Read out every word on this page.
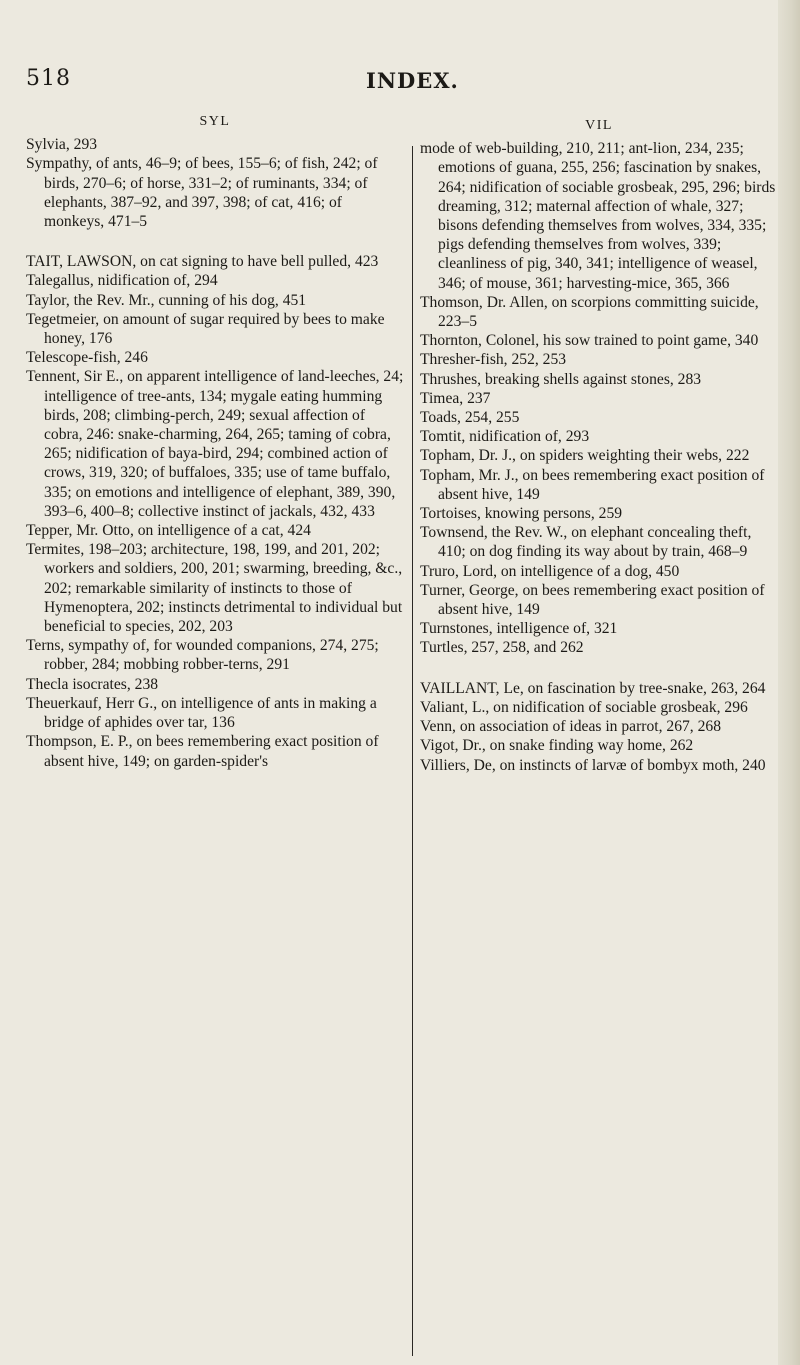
518	INDEX.
SYL

Sylvia, 293

Sympathy, of ants, 46–9; of bees, 155–6; of fish, 242; of birds, 270–6; of horse, 331–2; of ruminants, 334; of elephants, 387–92, and 397, 398; of cat, 416; of monkeys, 471–5

TAIT, LAWSON, on cat signing to have bell pulled, 423

Talegallus, nidification of, 294

Taylor, the Rev. Mr., cunning of his dog, 451

Tegetmeier, on amount of sugar required by bees to make honey, 176

Telescope-fish, 246

Tennent, Sir E., on apparent intelligence of land-leeches, 24; intelligence of tree-ants, 134; mygale eating humming birds, 208; climbing-perch, 249; sexual affection of cobra, 246: snake-charming, 264, 265; taming of cobra, 265; nidification of baya-bird, 294; combined action of crows, 319, 320; of buffaloes, 335; use of tame buffalo, 335; on emotions and intelligence of elephant, 389, 390, 393–6, 400–8; collective instinct of jackals, 432, 433

Tepper, Mr. Otto, on intelligence of a cat, 424

Termites, 198–203; architecture, 198, 199, and 201, 202; workers and soldiers, 200, 201; swarming, breeding, &c., 202; remarkable similarity of instincts to those of Hymenoptera, 202; instincts detrimental to individual but beneficial to species, 202, 203

Terns, sympathy of, for wounded companions, 274, 275; robber, 284; mobbing robber-terns, 291

Thecla isocrates, 238

Theuerkauf, Herr G., on intelligence of ants in making a bridge of aphides over tar, 136

Thompson, E. P., on bees remembering exact position of absent hive, 149; on garden-spider's

VIL

mode of web-building, 210, 211; ant-lion, 234, 235; emotions of guana, 255, 256; fascination by snakes, 264; nidification of sociable grosbeak, 295, 296; birds dreaming, 312; maternal affection of whale, 327; bisons defending themselves from wolves, 334, 335; pigs defending themselves from wolves, 339; cleanliness of pig, 340, 341; intelligence of weasel, 346; of mouse, 361; harvesting-mice, 365, 366

Thomson, Dr. Allen, on scorpions committing suicide, 223–5

Thornton, Colonel, his sow trained to point game, 340

Thresher-fish, 252, 253

Thrushes, breaking shells against stones, 283

Timea, 237

Toads, 254, 255

Tomtit, nidification of, 293

Topham, Dr. J., on spiders weighting their webs, 222

Topham, Mr. J., on bees remembering exact position of absent hive, 149

Tortoises, knowing persons, 259

Townsend, the Rev. W., on elephant concealing theft, 410; on dog finding its way about by train, 468–9

Truro, Lord, on intelligence of a dog, 450

Turner, George, on bees remembering exact position of absent hive, 149

Turnstones, intelligence of, 321

Turtles, 257, 258, and 262

VAILLANT, Le, on fascination by tree-snake, 263, 264

Valiant, L., on nidification of sociable grosbeak, 296

Venn, on association of ideas in parrot, 267, 268

Vigot, Dr., on snake finding way home, 262

Villiers, De, on instincts of larvæ of bombyx moth, 240
